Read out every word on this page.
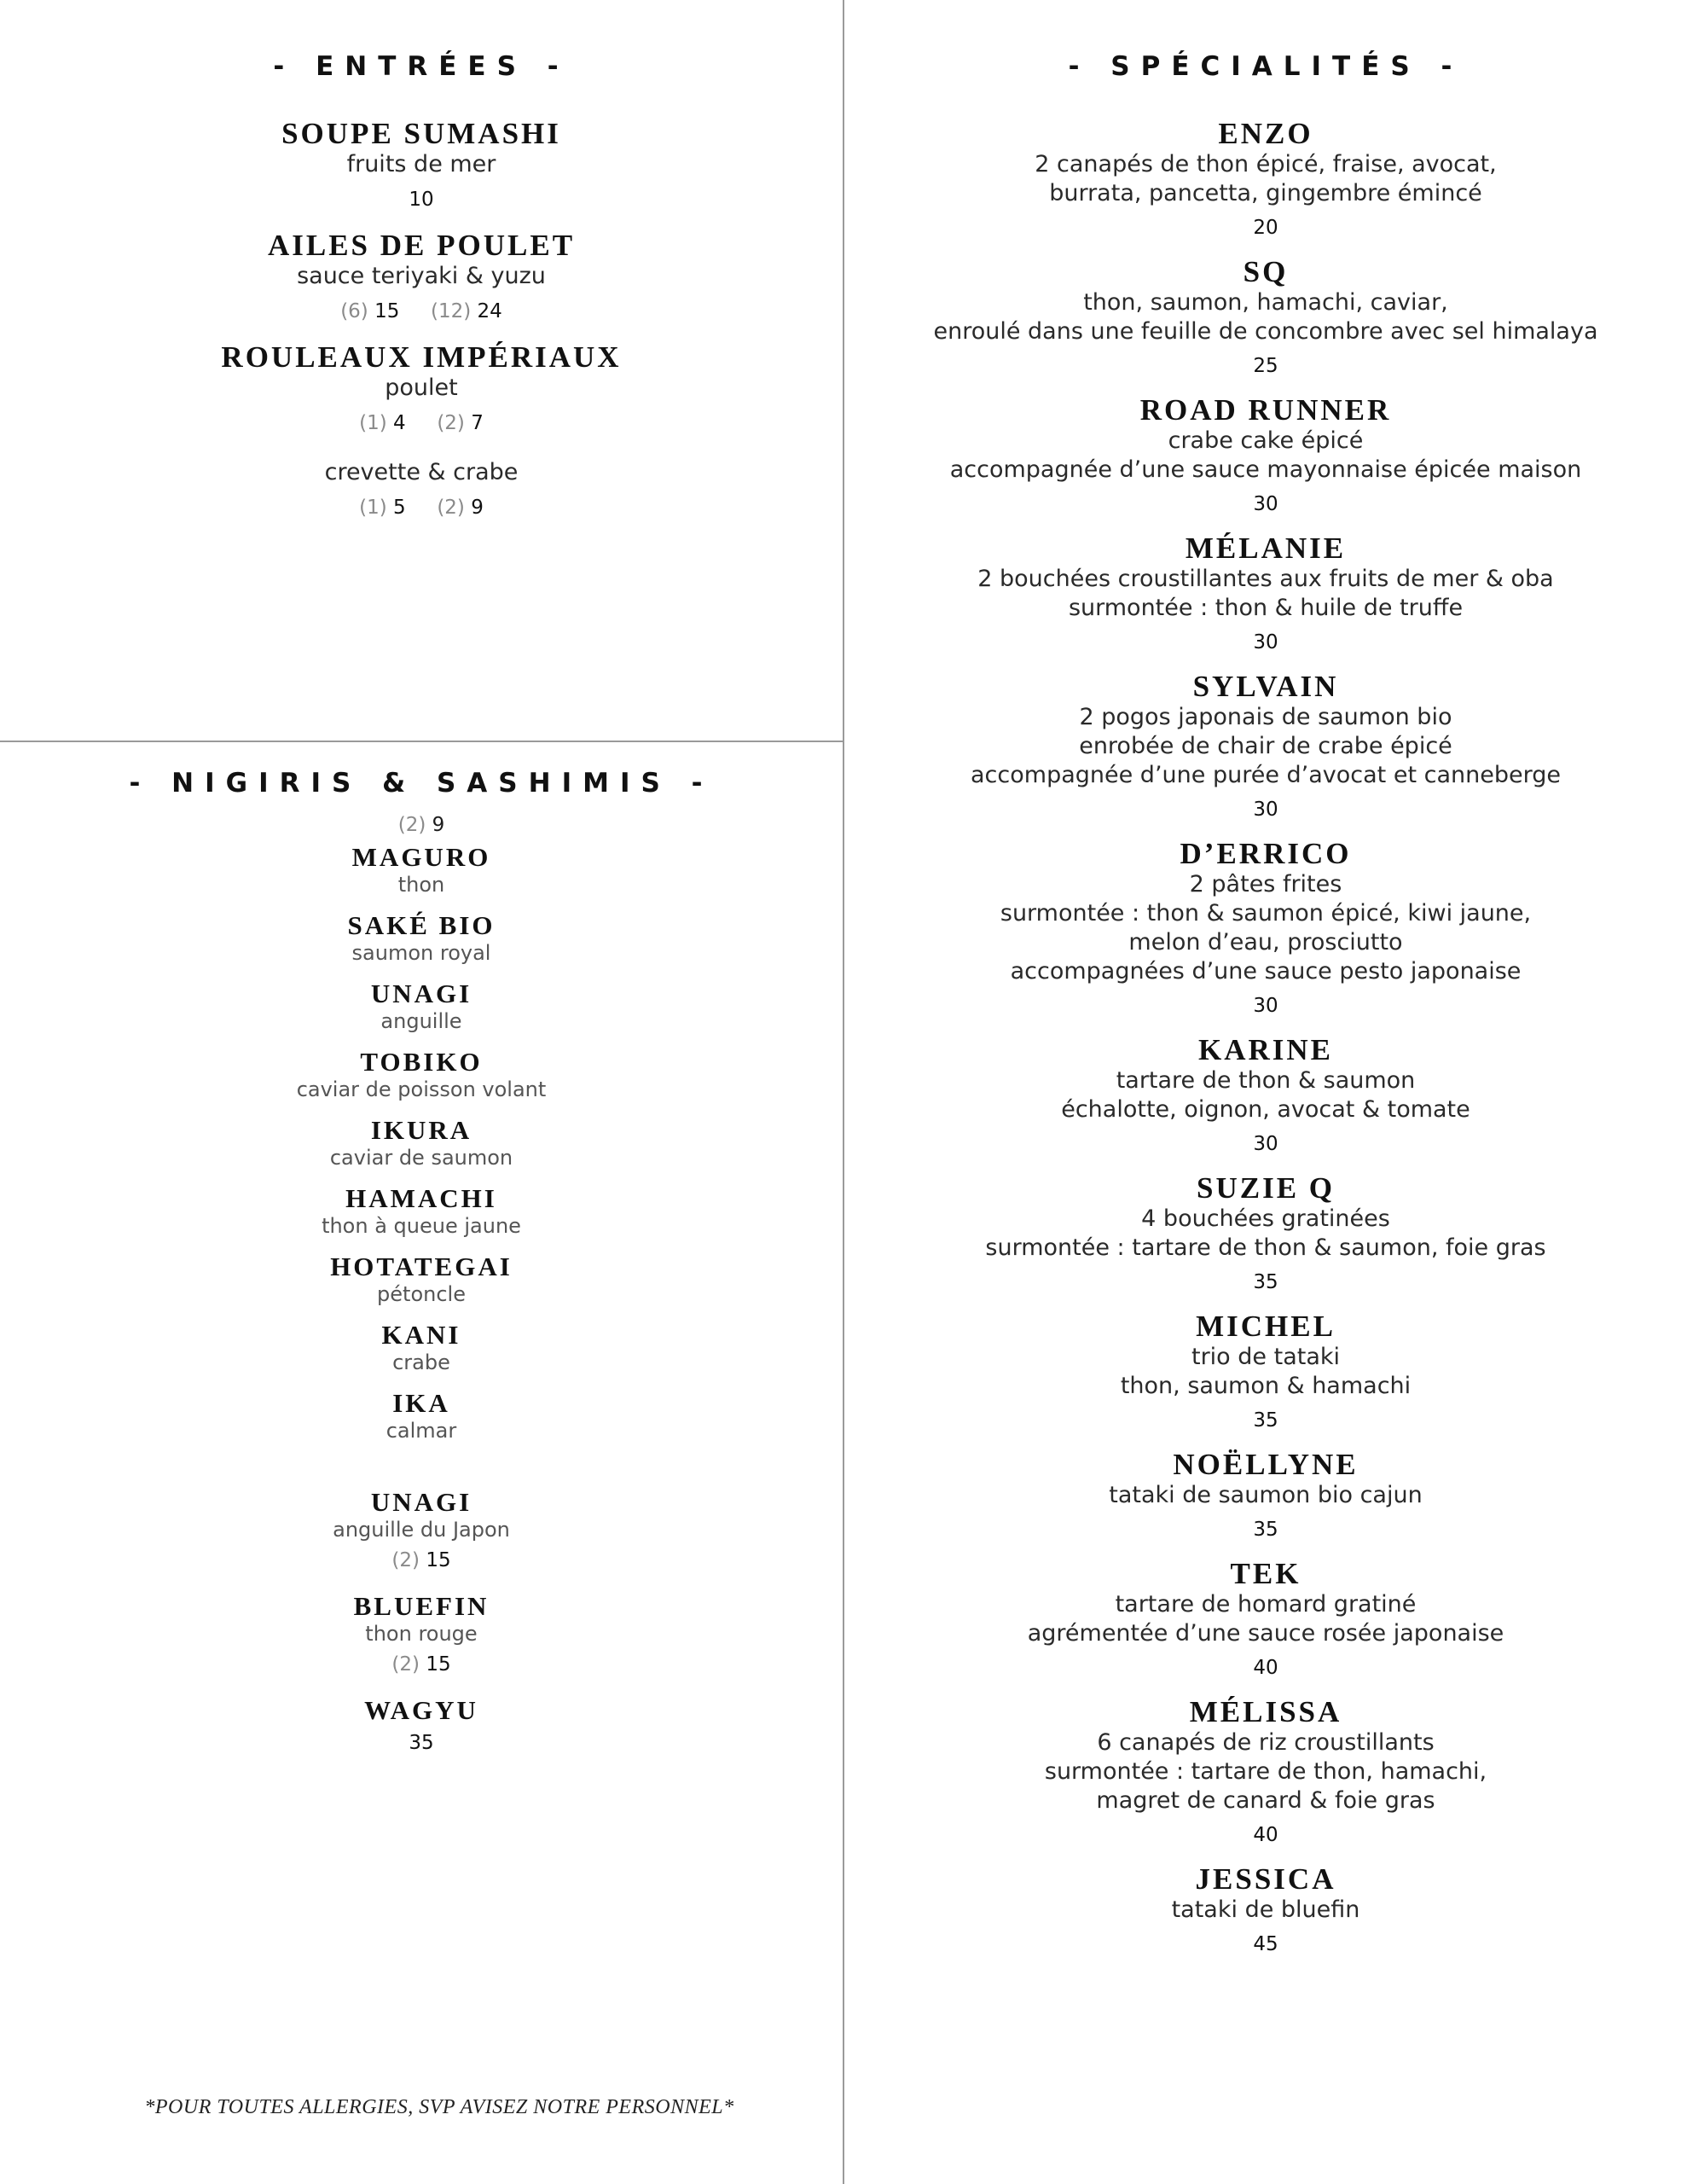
- ENTRÉES -
SOUPE SUMASHI
fruits de mer
10
AILES DE POULET
sauce teriyaki & yuzu
(6) 15 (12) 24
ROULEAUX IMPÉRIAUX
poulet
(1) 4 (2) 7
crevette & crabe
(1) 5 (2) 9
- NIGIRIS & SASHIMIS -
(2) 9
MAGURO
thon
SAKÉ BIO
saumon royal
UNAGI
anguille
TOBIKO
caviar de poisson volant
IKURA
caviar de saumon
HAMACHI
thon à queue jaune
HOTATEGAI
pétoncle
KANI
crabe
IKA
calmar
UNAGI
anguille du Japon
(2) 15
BLUEFIN
thon rouge
(2) 15
WAGYU
35
- SPÉCIALITÉS -
ENZO
2 canapés de thon épicé, fraise, avocat,
burrata, pancetta, gingembre émincé
20
SQ
thon, saumon, hamachi, caviar,
enroulé dans une feuille de concombre avec sel himalaya
25
ROAD RUNNER
crabe cake épicé
accompagnée d’une sauce mayonnaise épicée maison
30
MÉLANIE
2 bouchées croustillantes aux fruits de mer & oba
surmontée : thon & huile de truffe
30
SYLVAIN
2 pogos japonais de saumon bio
enrobée de chair de crabe épicé
accompagnée d’une purée d’avocat et canneberge
30
D’ERRICO
2 pâtes frites
surmontée : thon & saumon épicé, kiwi jaune,
melon d’eau, prosciutto
accompagnées d’une sauce pesto japonaise
30
KARINE
tartare de thon & saumon
échalotte, oignon, avocat & tomate
30
SUZIE Q
4 bouchées gratinées
surmontée : tartare de thon & saumon, foie gras
35
MICHEL
trio de tataki
thon, saumon & hamachi
35
NOËLLYNE
tataki de saumon bio cajun
35
TEK
tartare de homard gratiné
agrémentée d’une sauce rosée japonaise
40
MÉLISSA
6 canapés de riz croustillants
surmontée : tartare de thon, hamachi,
magret de canard & foie gras
40
JESSICA
tataki de bluefin
45
*POUR TOUTES ALLERGIES, SVP AVISEZ NOTRE PERSONNEL*
